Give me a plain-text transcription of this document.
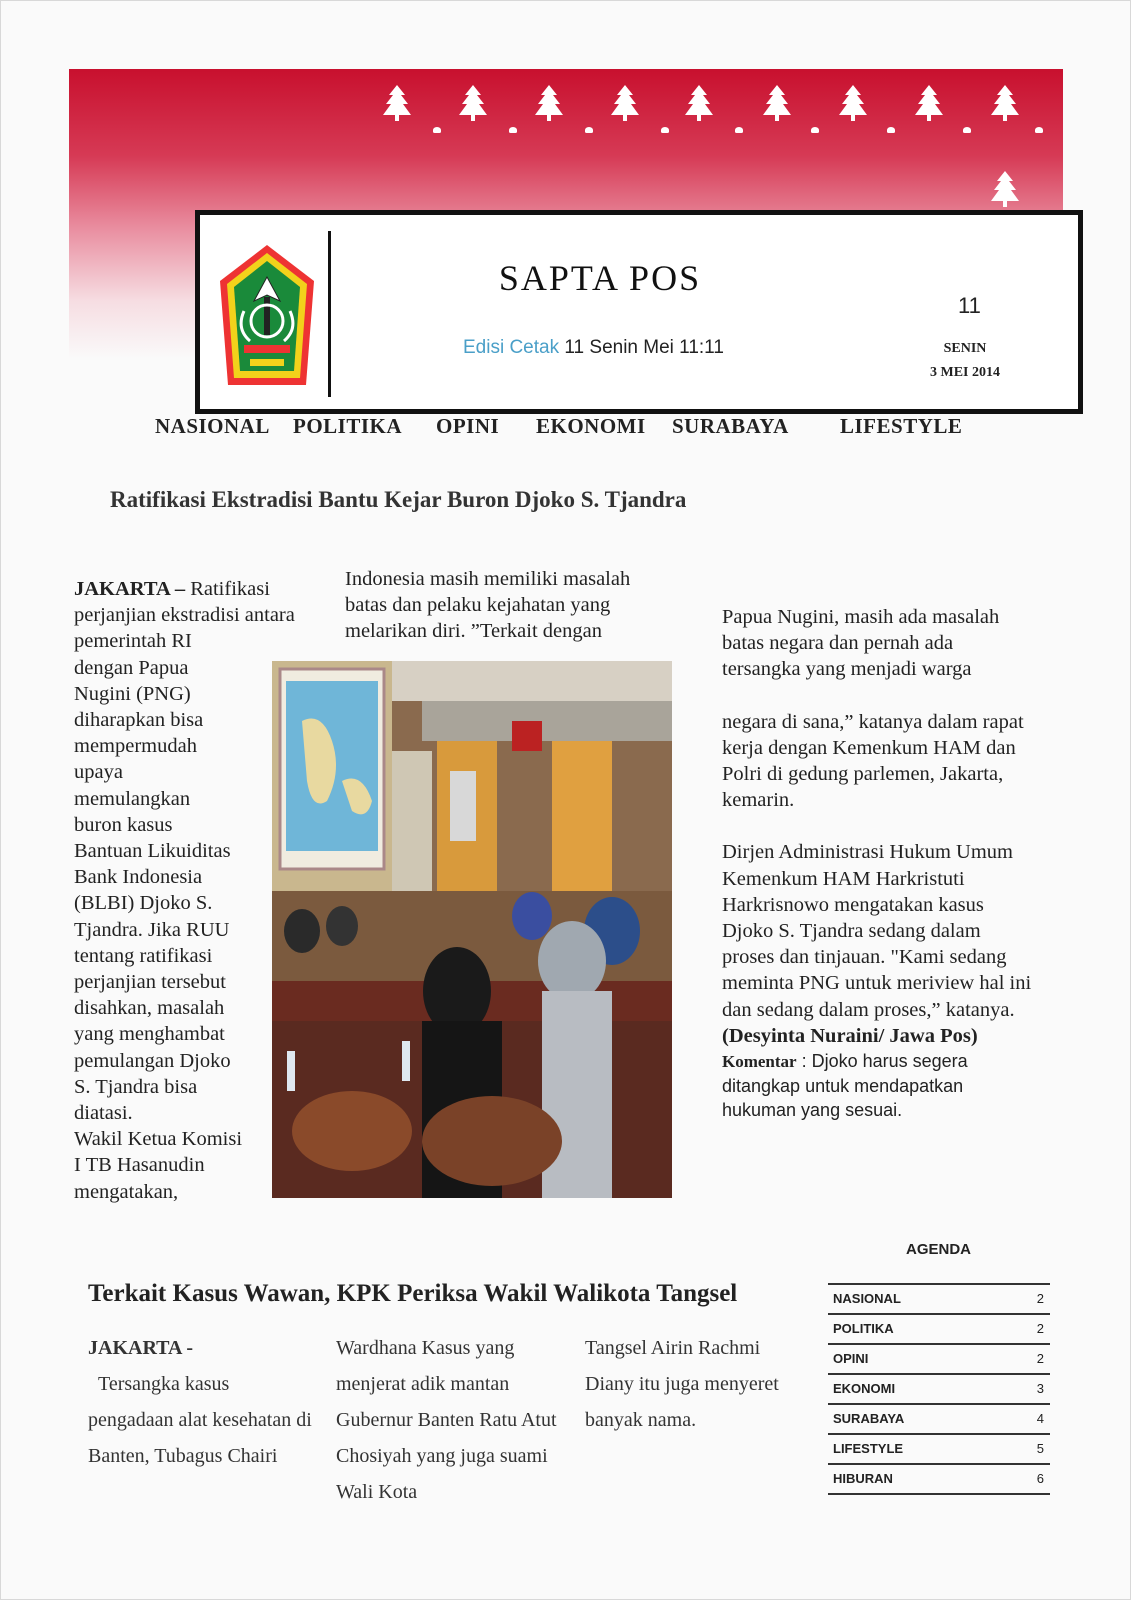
SAPTA POS
Edisi Cetak 11 Senin Mei 11:11
11
SENIN
3 MEI 2014
NASIONAL POLITIKA OPINI EKONOMI SURABAYA LIFESTYLE
Ratifikasi Ekstradisi Bantu Kejar Buron Djoko S. Tjandra
JAKARTA – Ratifikasi perjanjian ekstradisi antara
pemerintah RI dengan Papua Nugini (PNG) diharapkan bisa mempermudah upaya memulangkan buron kasus Bantuan Likuiditas Bank Indonesia (BLBI) Djoko S. Tjandra. Jika RUU tentang ratifikasi perjanjian tersebut disahkan, masalah yang menghambat pemulangan Djoko S. Tjandra bisa diatasi.
Wakil Ketua Komisi I TB Hasanudin mengatakan,
Indonesia masih memiliki masalah batas dan pelaku kejahatan yang melarikan diri. ”Terkait dengan

Papua Nugini, masih ada masalah batas negara dan pernah ada tersangka yang menjadi warga

negara di sana,” katanya dalam rapat kerja dengan Kemenkum HAM dan Polri di gedung parlemen, Jakarta, kemarin.

Dirjen Administrasi Hukum Umum Kemenkum HAM Harkristuti Harkrisnowo mengatakan kasus Djoko S. Tjandra sedang dalam proses dan tinjauan. "Kami sedang meminta PNG untuk meriview hal ini dan sedang dalam proses,” katanya. (Desyinta Nuraini/ Jawa Pos)

Komentar : Djoko harus segera ditangkap untuk mendapatkan hukuman yang sesuai.
Terkait Kasus Wawan, KPK Periksa Wakil Walikota Tangsel
JAKARTA -
Tersangka kasus pengadaan alat kesehatan di Banten, Tubagus Chairi
Wardhana Kasus yang menjerat adik mantan Gubernur Banten Ratu Atut Chosiyah yang juga suami Wali Kota
Tangsel Airin Rachmi Diany itu juga menyeret banyak nama.
AGENDA
NASIONAL	2
POLITIKA	2
OPINI	2
EKONOMI	3
SURABAYA	4
LIFESTYLE	5
HIBURAN	6
